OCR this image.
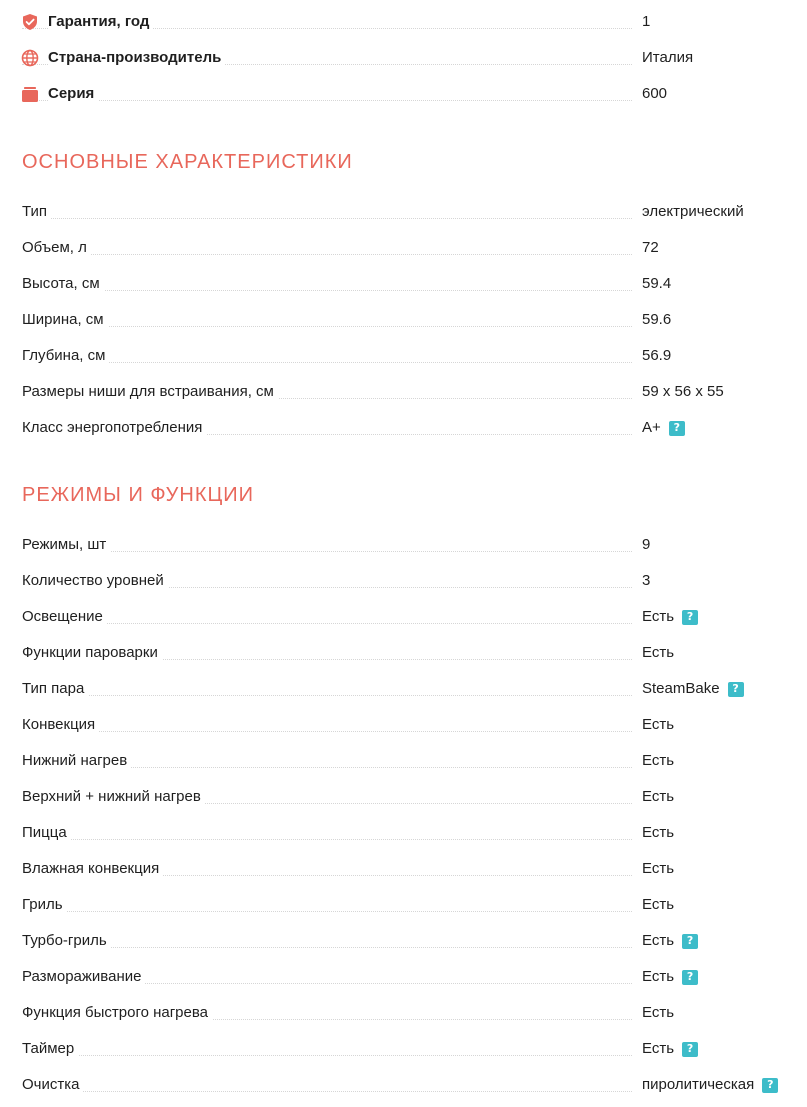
Гарантия, год	1
Страна-производитель	Италия
Серия	600
ОСНОВНЫЕ ХАРАКТЕРИСТИКИ
Тип	электрический
Объем, л	72
Высота, см	59.4
Ширина, см	59.6
Глубина, см	56.9
Размеры ниши для встраивания, см	59 x 56 x 55
Класс энергопотребления	A+	?
РЕЖИМЫ И ФУНКЦИИ
Режимы, шт	9
Количество уровней	3
Освещение	Есть	?
Функции пароварки	Есть
Тип пара	SteamBake	?
Конвекция	Есть
Нижний нагрев	Есть
Верхний + нижний нагрев	Есть
Пицца	Есть
Влажная конвекция	Есть
Гриль	Есть
Турбо-гриль	Есть	?
Размораживание	Есть	?
Функция быстрого нагрева	Есть
Таймер	Есть	?
Очистка	пиролитическая	?
